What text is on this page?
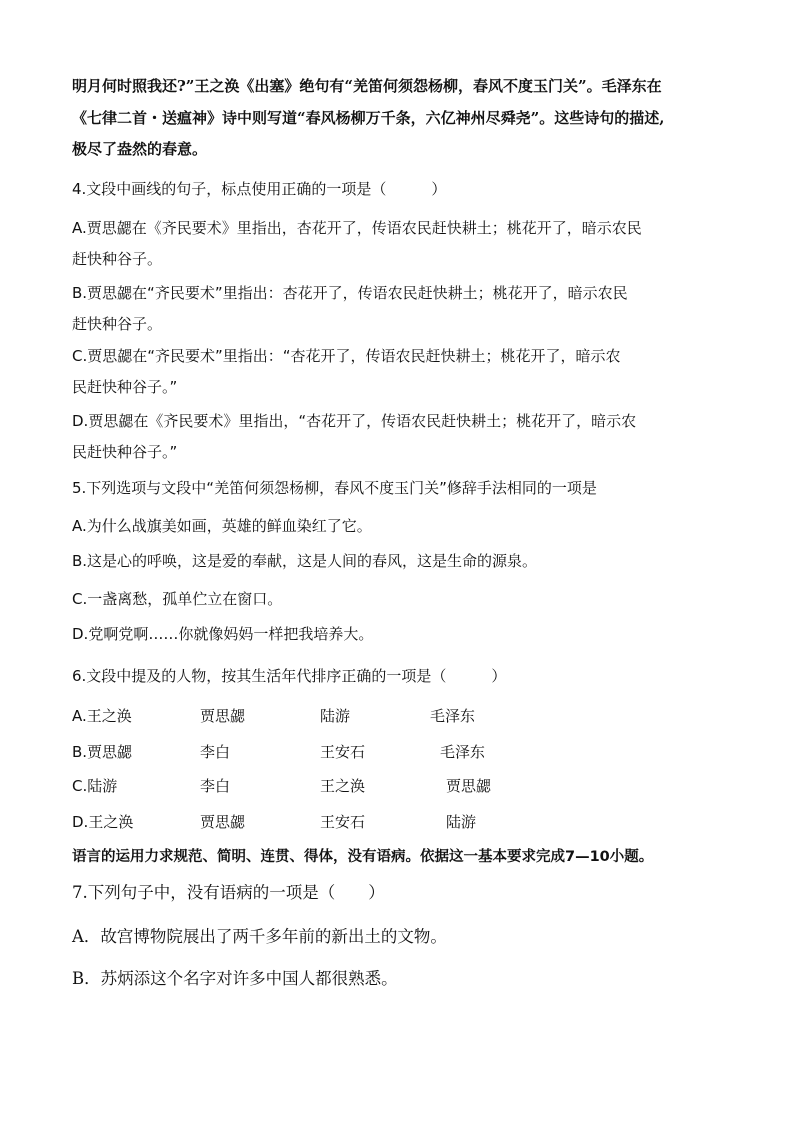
明月何时照我还?”王之涣《出塞》绝句有“羌笛何须怨杨柳，春风不度玉门关”。毛泽东在
《七律二首・送瘟神》诗中则写道“春风杨柳万千条，六亿神州尽舜尧”。这些诗句的描述,
极尽了盎然的春意。
4.文段中画线的句子，标点使用正确的一项是（　　　）
A.贾思勰在《齐民要术》里指出，杏花开了，传语农民赶快耕土；桃花开了，暗示农民
赶快种谷子。
B.贾思勰在“齐民要术”里指出：杏花开了，传语农民赶快耕土；桃花开了，暗示农民
赶快种谷子。
C.贾思勰在“齐民要术”里指出：“杏花开了，传语农民赶快耕土；桃花开了，暗示农
民赶快种谷子。”
D.贾思勰在《齐民要术》里指出，“杏花开了，传语农民赶快耕土；桃花开了，暗示农
民赶快种谷子。”
5.下列选项与文段中“羌笛何须怨杨柳，春风不度玉门关”修辞手法相同的一项是
A.为什么战旗美如画，英雄的鲜血染红了它。
B.这是心的呼唤，这是爱的奉献，这是人间的春风，这是生命的源泉。
C.一盏离愁，孤单伫立在窗口。
D.党啊党啊……你就像妈妈一样把我培养大。
6.文段中提及的人物，按其生活年代排序正确的一项是（　　　）
A.王之涣	贾思勰	陆游	毛泽东
B.贾思勰	李白	王安石	毛泽东
C.陆游	李白	王之涣	贾思勰
D.王之涣	贾思勰	王安石	陆游
语言的运用力求规范、简明、连贯、得体，没有语病。依据这一基本要求完成7—10小题。
7.下列句子中，没有语病的一项是（　　）
A．故宫博物院展出了两千多年前的新出土的文物。
B．苏炳添这个名字对许多中国人都很熟悉。
